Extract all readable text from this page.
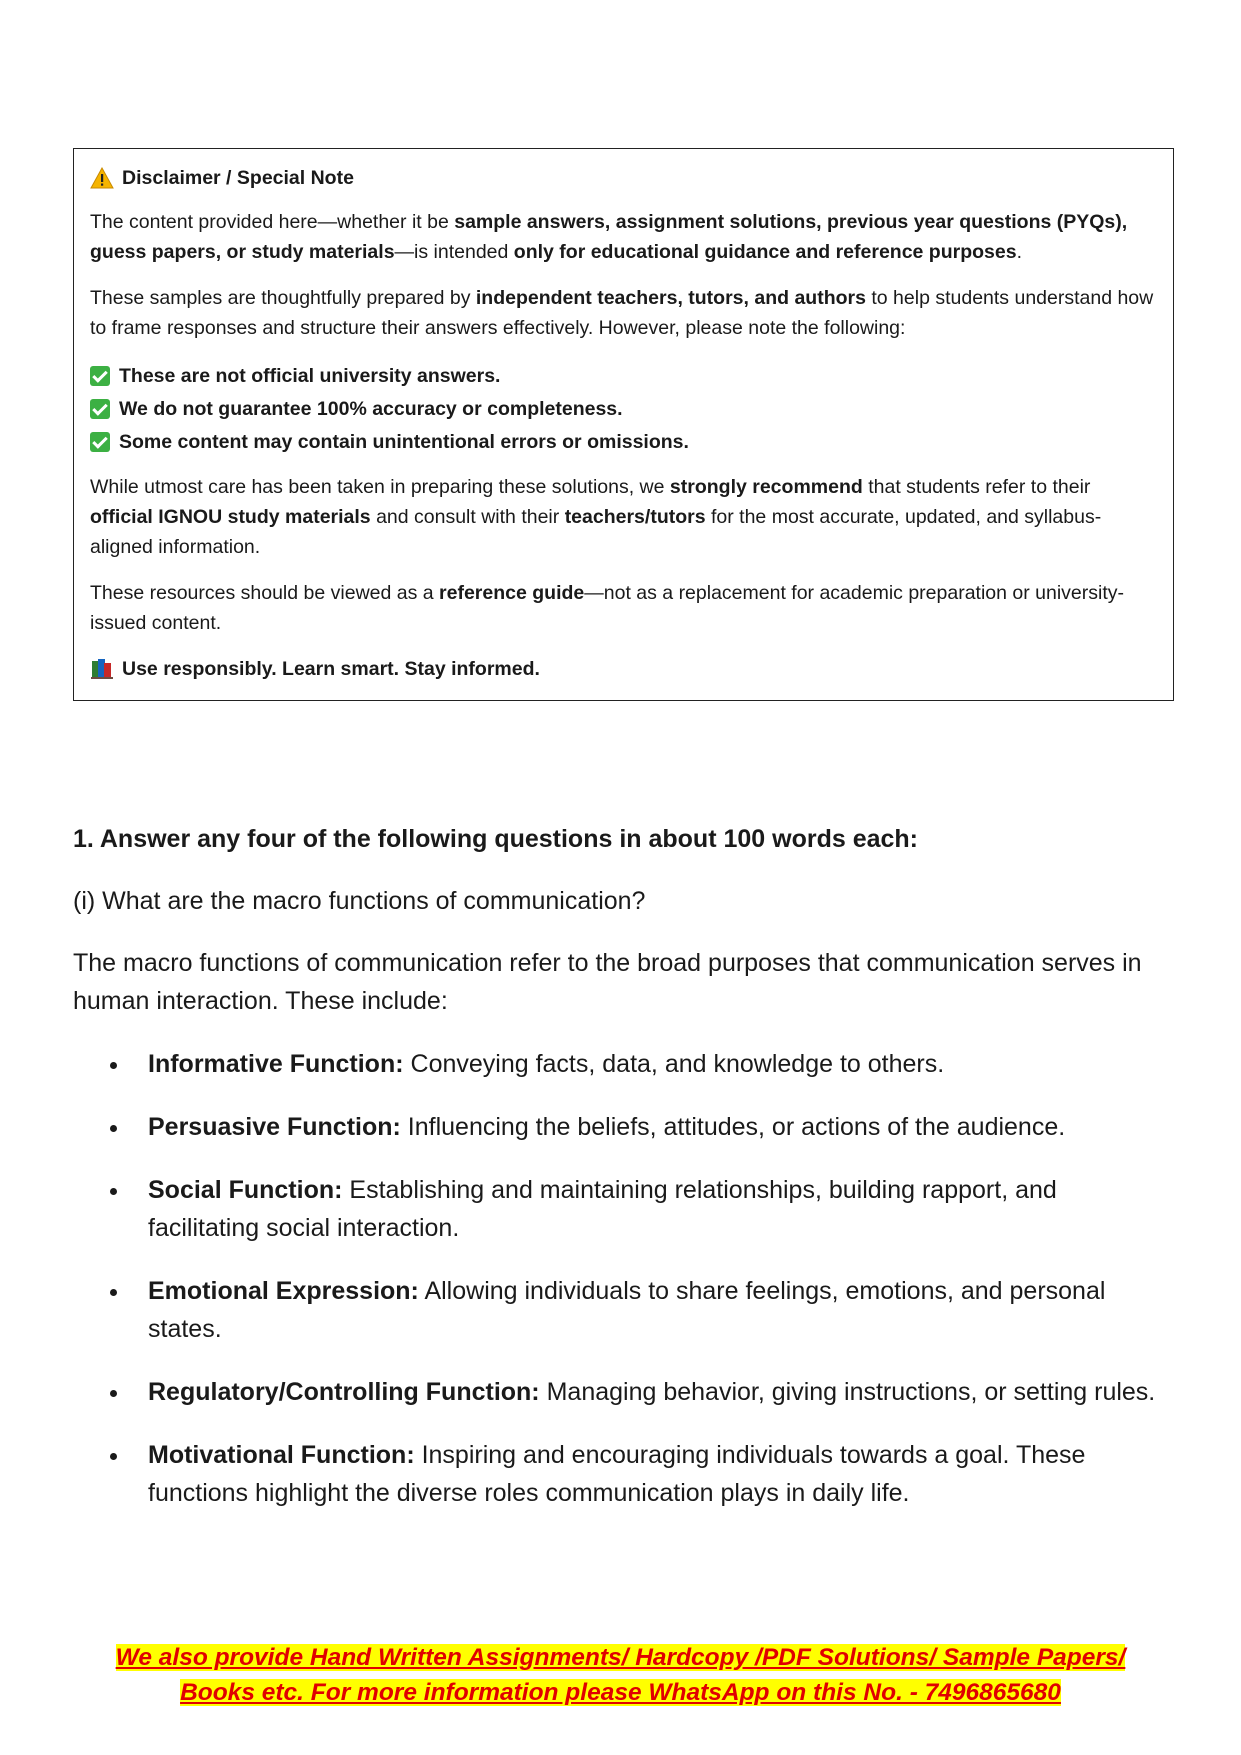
Disclaimer / Special Note

The content provided here—whether it be sample answers, assignment solutions, previous year questions (PYQs), guess papers, or study materials—is intended only for educational guidance and reference purposes.

These samples are thoughtfully prepared by independent teachers, tutors, and authors to help students understand how to frame responses and structure their answers effectively. However, please note the following:

These are not official university answers.
We do not guarantee 100% accuracy or completeness.
Some content may contain unintentional errors or omissions.

While utmost care has been taken in preparing these solutions, we strongly recommend that students refer to their official IGNOU study materials and consult with their teachers/tutors for the most accurate, updated, and syllabus-aligned information.

These resources should be viewed as a reference guide—not as a replacement for academic preparation or university-issued content.

Use responsibly. Learn smart. Stay informed.

1. Answer any four of the following questions in about 100 words each:

(i) What are the macro functions of communication?

The macro functions of communication refer to the broad purposes that communication serves in human interaction. These include:

Informative Function: Conveying facts, data, and knowledge to others.
Persuasive Function: Influencing the beliefs, attitudes, or actions of the audience.
Social Function: Establishing and maintaining relationships, building rapport, and facilitating social interaction.
Emotional Expression: Allowing individuals to share feelings, emotions, and personal states.
Regulatory/Controlling Function: Managing behavior, giving instructions, or setting rules.
Motivational Function: Inspiring and encouraging individuals towards a goal. These functions highlight the diverse roles communication plays in daily life.
We also provide Hand Written Assignments/ Hardcopy /PDF Solutions/ Sample Papers/
Books etc. For more information please WhatsApp on this No. - 7496865680
